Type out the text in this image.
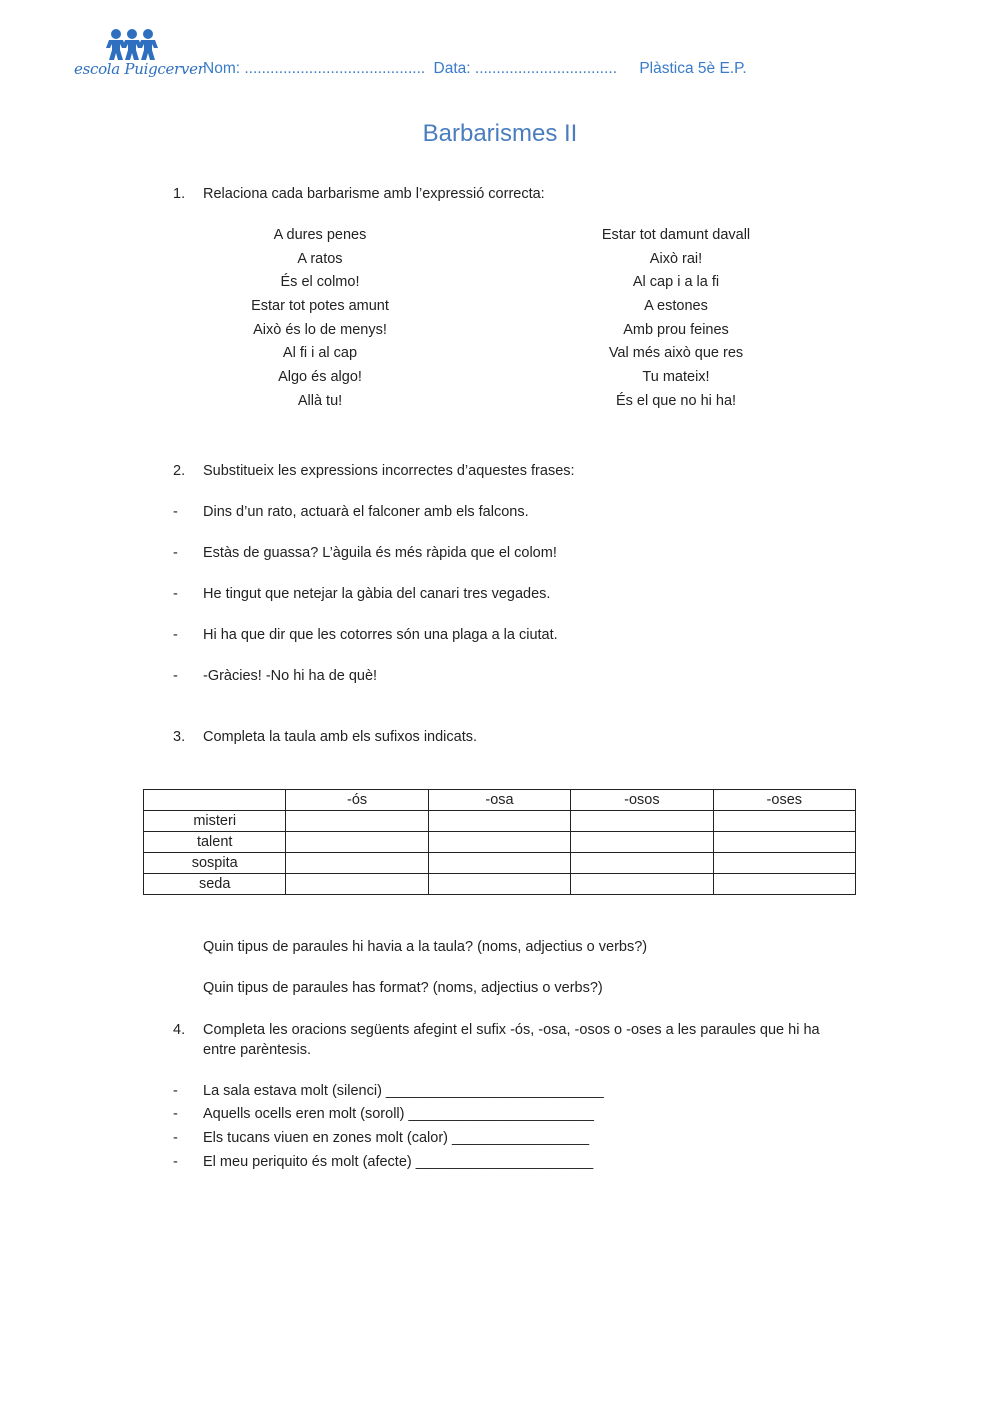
escola Puigcerver
Nom: .......................................... Data: ................................. Plàstica 5è E.P.
Barbarismes II
1. Relaciona cada barbarisme amb l’expressió correcta:
A dures penes
A ratos
És el colmo!
Estar tot potes amunt
Això és lo de menys!
Al fi i al cap
Algo és algo!
Allà tu!
Estar tot damunt davall
Això rai!
Al cap i a la fi
A estones
Amb prou feines
Val més això que res
Tu mateix!
És el que no hi ha!
2. Substitueix les expressions incorrectes d’aquestes frases:
- Dins d’un rato, actuarà el falconer amb els falcons.
- Estàs de guassa? L’àguila és més ràpida que el colom!
- He tingut que netejar la gàbia del canari tres vegades.
- Hi ha que dir que les cotorres són una plaga a la ciutat.
- -Gràcies! -No hi ha de què!
3. Completa la taula amb els sufixos indicats.
	-ós	-osa	-osos	-oses
misteri				
talent				
sospita				
seda				
Quin tipus de paraules hi havia a la taula? (noms, adjectius o verbs?)
Quin tipus de paraules has format? (noms, adjectius o verbs?)
4. Completa les oracions següents afegint el sufix -ós, -osa, -osos o -oses a les paraules que hi ha
entre parèntesis.
- La sala estava molt (silenci) ___________________________
- Aquells ocells eren molt (soroll) _______________________
- Els tucans viuen en zones molt (calor) _________________
- El meu periquito és molt (afecte) ______________________
